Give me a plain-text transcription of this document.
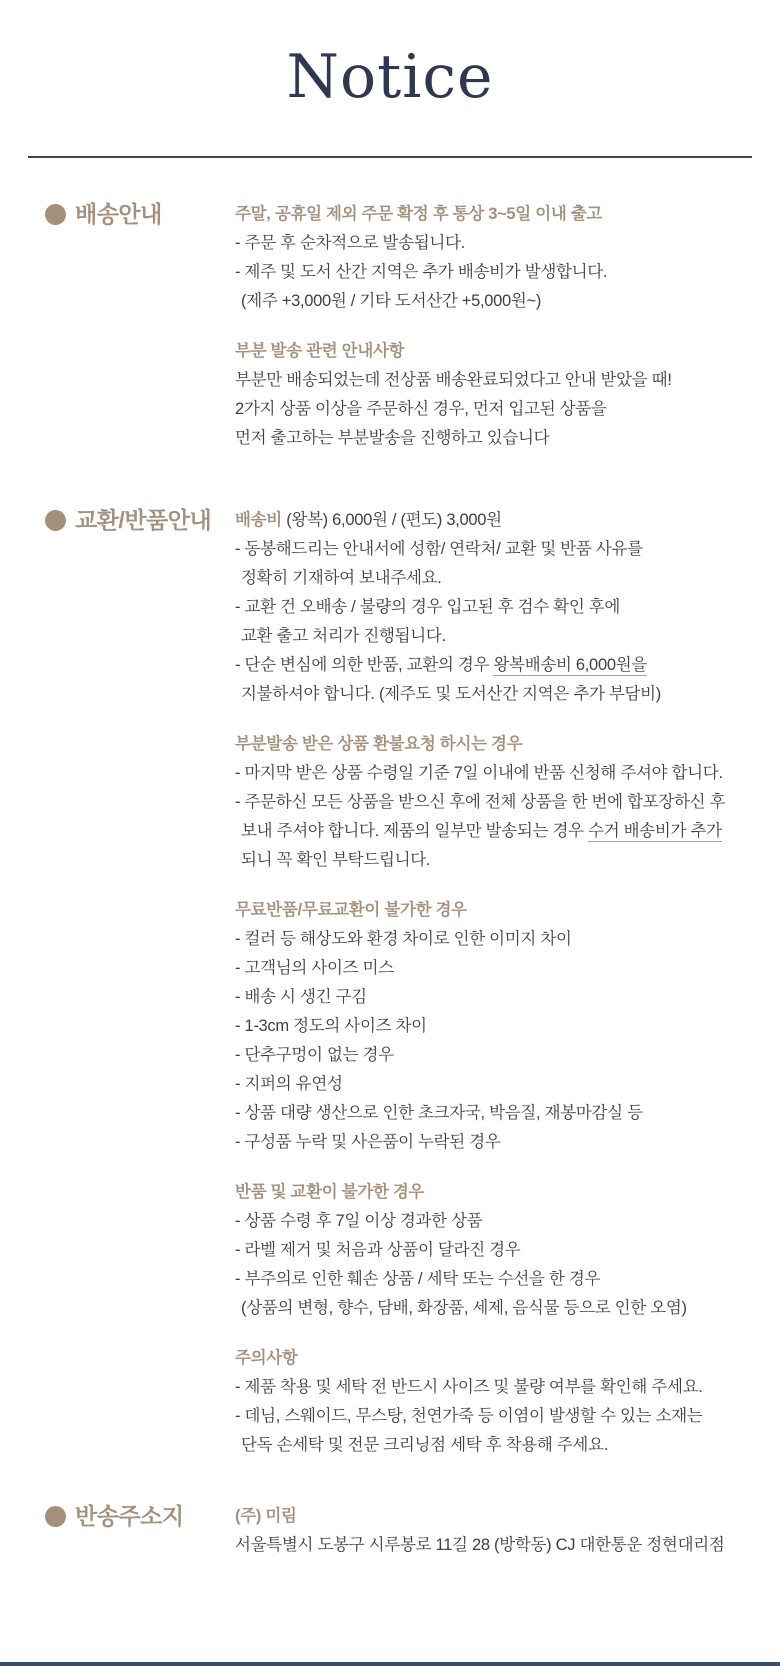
Notice
배송안내	주말, 공휴일 제외 주문 확정 후 통상 3~5일 이내 출고
- 주문 후 순차적으로 발송됩니다.
- 제주 및 도서 산간 지역은 추가 배송비가 발생합니다.
(제주 +3,000원 / 기타 도서산간 +5,000원~)
부분 발송 관련 안내사항
부분만 배송되었는데 전상품 배송완료되었다고 안내 받았을 때!
2가지 상품 이상을 주문하신 경우, 먼저 입고된 상품을
먼저 출고하는 부분발송을 진행하고 있습니다
교환/반품안내 배송비 (왕복) 6,000원 / (편도) 3,000원
- 동봉해드리는 안내서에 성함/ 연락처/ 교환 및 반품 사유를
정확히 기재하여 보내주세요.
- 교환 건 오배송 / 불량의 경우 입고된 후 검수 확인 후에
교환 출고 처리가 진행됩니다.
- 단순 변심에 의한 반품, 교환의 경우 왕복배송비 6,000원을
지불하셔야 합니다. (제주도 및 도서산간 지역은 추가 부담비)
부분발송 받은 상품 환불요청 하시는 경우
- 마지막 받은 상품 수령일 기준 7일 이내에 반품 신청해 주셔야 합니다.
- 주문하신 모든 상품을 받으신 후에 전체 상품을 한 번에 합포장하신 후
보내 주셔야 합니다. 제품의 일부만 발송되는 경우 수거 배송비가 추가
되니 꼭 확인 부탁드립니다.
무료반품/무료교환이 불가한 경우
- 컬러 등 해상도와 환경 차이로 인한 이미지 차이
- 고객님의 사이즈 미스
- 배송 시 생긴 구김
- 1-3cm 정도의 사이즈 차이
- 단추구멍이 없는 경우
- 지퍼의 유연성
- 상품 대량 생산으로 인한 초크자국, 박음질, 재봉마감실 등
- 구성품 누락 및 사은품이 누락된 경우
반품 및 교환이 불가한 경우
- 상품 수령 후 7일 이상 경과한 상품
- 라벨 제거 및 처음과 상품이 달라진 경우
- 부주의로 인한 훼손 상품 / 세탁 또는 수선을 한 경우
(상품의 변형, 향수, 담배, 화장품, 세제, 음식물 등으로 인한 오염)
주의사항
- 제품 착용 및 세탁 전 반드시 사이즈 및 불량 여부를 확인해 주세요.
- 데님, 스웨이드, 무스탕, 천연가죽 등 이염이 발생할 수 있는 소재는
단독 손세탁 및 전문 크리닝점 세탁 후 착용해 주세요.
반송주소지	(주) 미림
서울특별시 도봉구 시루봉로 11길 28 (방학동) CJ 대한통운 정현대리점
